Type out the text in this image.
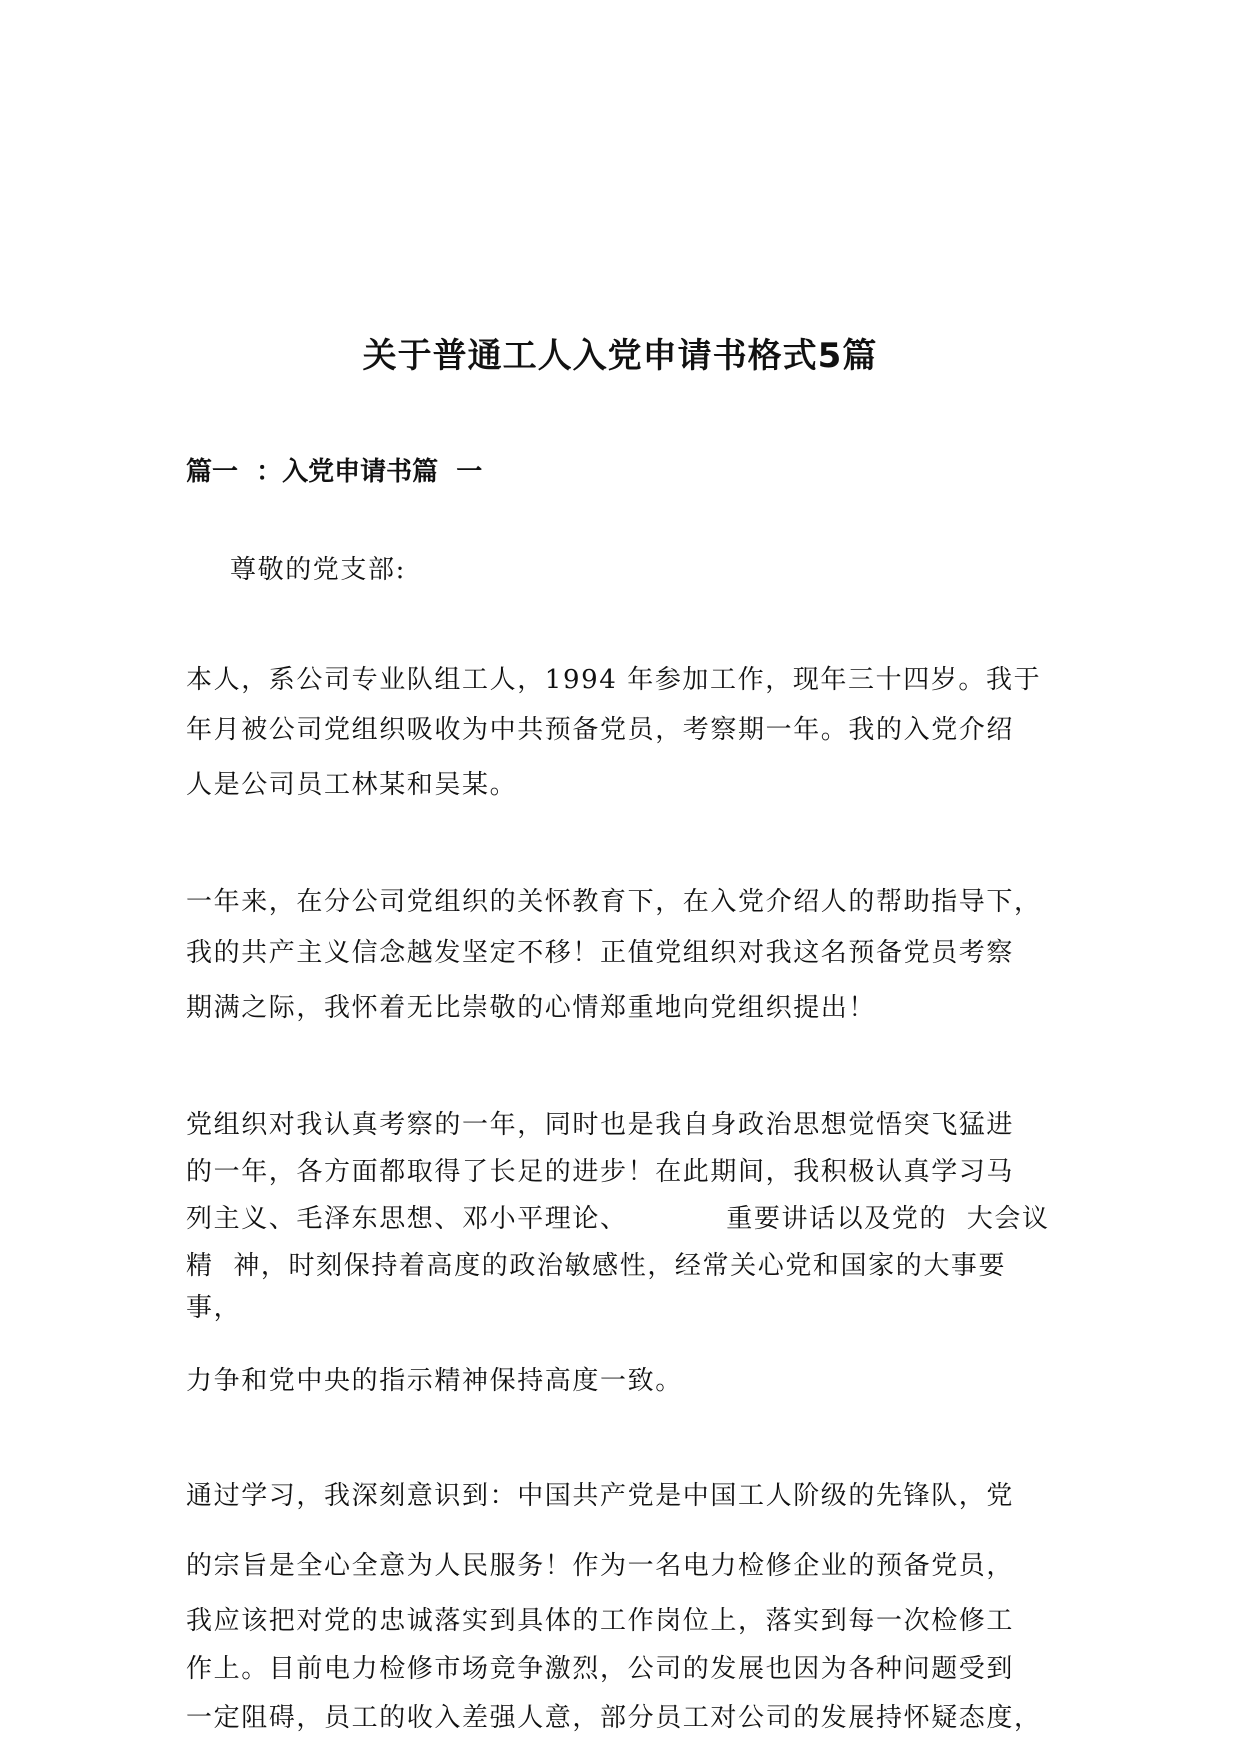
关于普通工人入党申请书格式5篇
篇一  ：入党申请书篇  一
尊敬的党支部:
本人，系公司专业队组工人，1994 年参加工作，现年三十四岁。我于
年月被公司党组织吸收为中共预备党员，考察期一年。我的入党介绍
人是公司员工林某和吴某。
一年来，在分公司党组织的关怀教育下，在入党介绍人的帮助指导下，
我的共产主义信念越发坚定不移！正值党组织对我这名预备党员考察
期满之际，我怀着无比崇敬的心情郑重地向党组织提出！
党组织对我认真考察的一年，同时也是我自身政治思想觉悟突飞猛进
的一年，各方面都取得了长足的进步！在此期间，我积极认真学习马
列主义、毛泽东思想、邓小平理论、          重要讲话以及党的  大会议
精  神，时刻保持着高度的政治敏感性，经常关心党和国家的大事要
事，
力争和党中央的指示精神保持高度一致。
通过学习，我深刻意识到：中国共产党是中国工人阶级的先锋队，党
的宗旨是全心全意为人民服务！作为一名电力检修企业的预备党员，
我应该把对党的忠诚落实到具体的工作岗位上，落实到每一次检修工
作上。目前电力检修市场竞争激烈，公司的发展也因为各种问题受到
一定阻碍，员工的收入差强人意，部分员工对公司的发展持怀疑态度，
